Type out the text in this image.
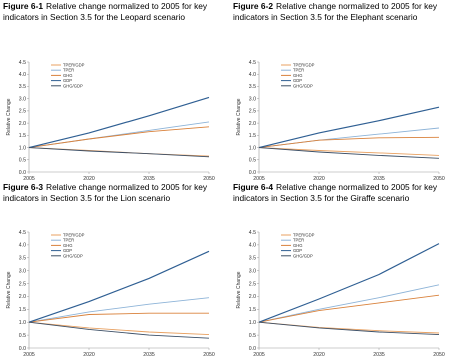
Figure 6-1 Relative change normalized to 2005 for key indicators in Section 3.5 for the Leopard scenario
Figure 6-2 Relative change normalized to 2005 for key indicators in Section 3.5 for the Elephant scenario
Figure 6-3 Relative change normalized to 2005 for key indicators in Section 3.5 for the Lion scenario
Figure 6-4 Relative change normalized to 2005 for key indicators in Section 3.5 for the Giraffe scenario
0.0
0.5
1.0
1.5
2.0
2.5
3.0
3.5
4.0
4.5
2005	2020	2035	2050
Relative Change
TPER/GDP
TPER
GHG
GDP
GHG/GDP
0.0
0.5
1.0
1.5
2.0
2.5
3.0
3.5
4.0
4.5
2005	2020	2035	2050
Relative Change
TPER/GDP
TPER
GHG
GDP
GHG/GDP
0.0
0.5
1.0
1.5
2.0
2.5
3.0
3.5
4.0
4.5
2005	2020	2035	2050
Relative Change
TPER/GDP
TPER
GHG
GDP
GHG/GDP
0.0
0.5
1.0
1.5
2.0
2.5
3.0
3.5
4.0
4.5
2005	2020	2035	2050
Relative Change
TPER/GDP
TPER
GHG
GDP
GHG/GDP
